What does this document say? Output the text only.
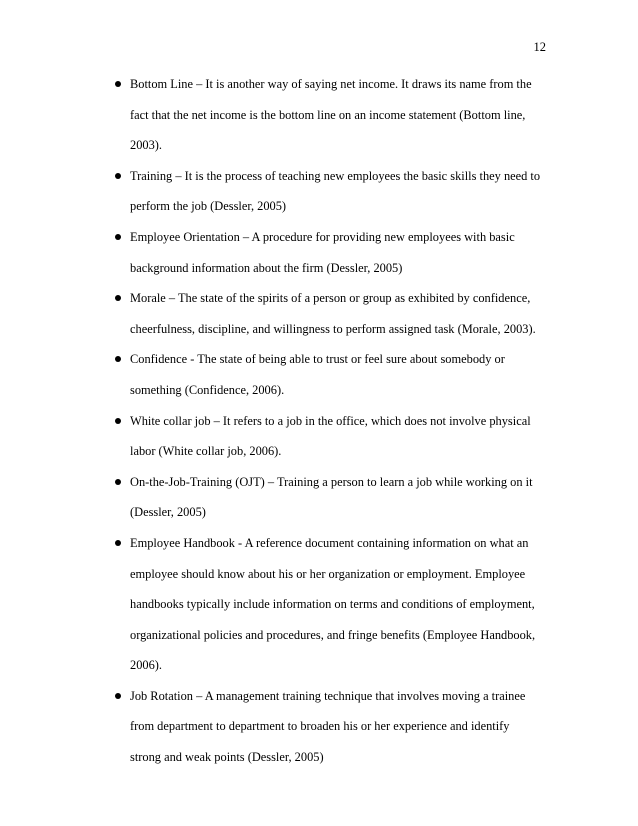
12
Bottom Line – It is another way of saying net income. It draws its name from the fact that the net income is the bottom line on an income statement (Bottom line, 2003).
Training – It is the process of teaching new employees the basic skills they need to perform the job (Dessler, 2005)
Employee Orientation – A procedure for providing new employees with basic background information about the firm (Dessler, 2005)
Morale – The state of the spirits of a person or group as exhibited by confidence, cheerfulness, discipline, and willingness to perform assigned task (Morale, 2003).
Confidence - The state of being able to trust or feel sure about somebody or something (Confidence, 2006).
White collar job – It refers to a job in the office, which does not involve physical labor (White collar job, 2006).
On-the-Job-Training (OJT) – Training a person to learn a job while working on it (Dessler, 2005)
Employee Handbook - A reference document containing information on what an employee should know about his or her organization or employment. Employee handbooks typically include information on terms and conditions of employment, organizational policies and procedures, and fringe benefits (Employee Handbook, 2006).
Job Rotation – A management training technique that involves moving a trainee from department to department to broaden his or her experience and identify strong and weak points (Dessler, 2005)
